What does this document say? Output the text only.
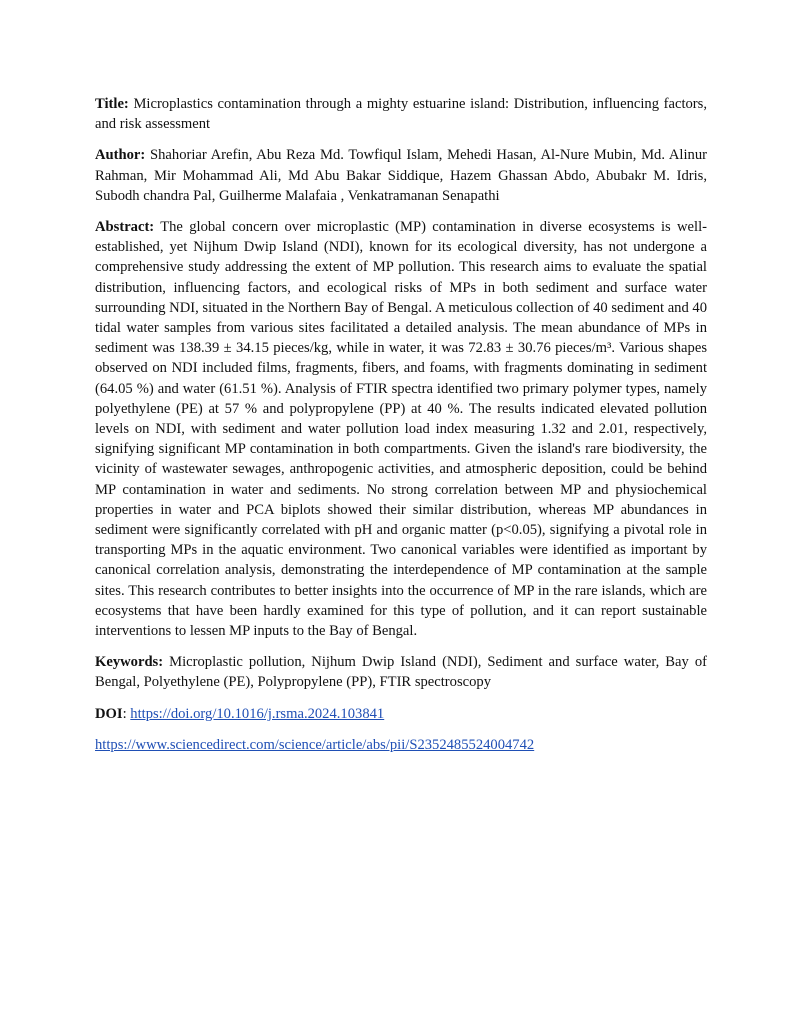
Title: Microplastics contamination through a mighty estuarine island: Distribution, influencing factors, and risk assessment

Author: Shahoriar Arefin, Abu Reza Md. Towfiqul Islam, Mehedi Hasan, Al-Nure Mubin, Md. Alinur Rahman, Mir Mohammad Ali, Md Abu Bakar Siddique, Hazem Ghassan Abdo, Abubakr M. Idris, Subodh chandra Pal, Guilherme Malafaia , Venkatramanan Senapathi

Abstract: The global concern over microplastic (MP) contamination in diverse ecosystems is well-established, yet Nijhum Dwip Island (NDI), known for its ecological diversity, has not undergone a comprehensive study addressing the extent of MP pollution. This research aims to evaluate the spatial distribution, influencing factors, and ecological risks of MPs in both sediment and surface water surrounding NDI, situated in the Northern Bay of Bengal. A meticulous collection of 40 sediment and 40 tidal water samples from various sites facilitated a detailed analysis. The mean abundance of MPs in sediment was 138.39 ± 34.15 pieces/kg, while in water, it was 72.83 ± 30.76 pieces/m³. Various shapes observed on NDI included films, fragments, fibers, and foams, with fragments dominating in sediment (64.05 %) and water (61.51 %). Analysis of FTIR spectra identified two primary polymer types, namely polyethylene (PE) at 57 % and polypropylene (PP) at 40 %. The results indicated elevated pollution levels on NDI, with sediment and water pollution load index measuring 1.32 and 2.01, respectively, signifying significant MP contamination in both compartments. Given the island's rare biodiversity, the vicinity of wastewater sewages, anthropogenic activities, and atmospheric deposition, could be behind MP contamination in water and sediments. No strong correlation between MP and physiochemical properties in water and PCA biplots showed their similar distribution, whereas MP abundances in sediment were significantly correlated with pH and organic matter (p<0.05), signifying a pivotal role in transporting MPs in the aquatic environment. Two canonical variables were identified as important by canonical correlation analysis, demonstrating the interdependence of MP contamination at the sample sites. This research contributes to better insights into the occurrence of MP in the rare islands, which are ecosystems that have been hardly examined for this type of pollution, and it can report sustainable interventions to lessen MP inputs to the Bay of Bengal.

Keywords: Microplastic pollution, Nijhum Dwip Island (NDI), Sediment and surface water, Bay of Bengal, Polyethylene (PE), Polypropylene (PP), FTIR spectroscopy

DOI: https://doi.org/10.1016/j.rsma.2024.103841

https://www.sciencedirect.com/science/article/abs/pii/S2352485524004742
